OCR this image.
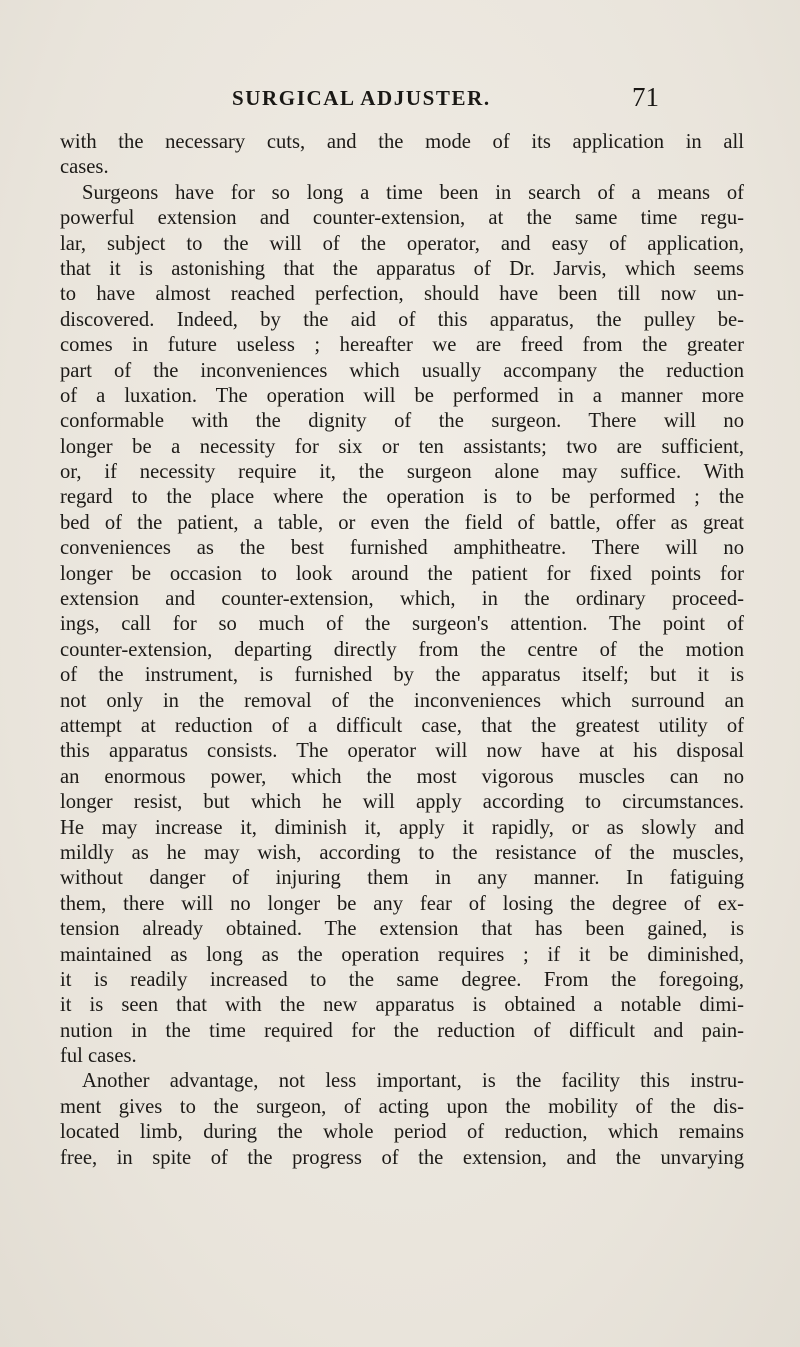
SURGICAL ADJUSTER.	71
with the necessary cuts, and the mode of its application in all
cases.
Surgeons have for so long a time been in search of a means of
powerful extension and counter-extension, at the same time regu-
lar, subject to the will of the operator, and easy of application,
that it is astonishing that the apparatus of Dr. Jarvis, which seems
to have almost reached perfection, should have been till now un-
discovered. Indeed, by the aid of this apparatus, the pulley be-
comes in future useless ; hereafter we are freed from the greater
part of the inconveniences which usually accompany the reduction
of a luxation. The operation will be performed in a manner more
conformable with the dignity of the surgeon. There will no
longer be a necessity for six or ten assistants; two are sufficient,
or, if necessity require it, the surgeon alone may suffice. With
regard to the place where the operation is to be performed ; the
bed of the patient, a table, or even the field of battle, offer as great
conveniences as the best furnished amphitheatre. There will no
longer be occasion to look around the patient for fixed points for
extension and counter-extension, which, in the ordinary proceed-
ings, call for so much of the surgeon's attention. The point of
counter-extension, departing directly from the centre of the motion
of the instrument, is furnished by the apparatus itself; but it is
not only in the removal of the inconveniences which surround an
attempt at reduction of a difficult case, that the greatest utility of
this apparatus consists. The operator will now have at his disposal
an enormous power, which the most vigorous muscles can no
longer resist, but which he will apply according to circumstances.
He may increase it, diminish it, apply it rapidly, or as slowly and
mildly as he may wish, according to the resistance of the muscles,
without danger of injuring them in any manner. In fatiguing
them, there will no longer be any fear of losing the degree of ex-
tension already obtained. The extension that has been gained, is
maintained as long as the operation requires ; if it be diminished,
it is readily increased to the same degree. From the foregoing,
it is seen that with the new apparatus is obtained a notable dimi-
nution in the time required for the reduction of difficult and pain-
ful cases.
Another advantage, not less important, is the facility this instru-
ment gives to the surgeon, of acting upon the mobility of the dis-
located limb, during the whole period of reduction, which remains
free, in spite of the progress of the extension, and the unvarying
